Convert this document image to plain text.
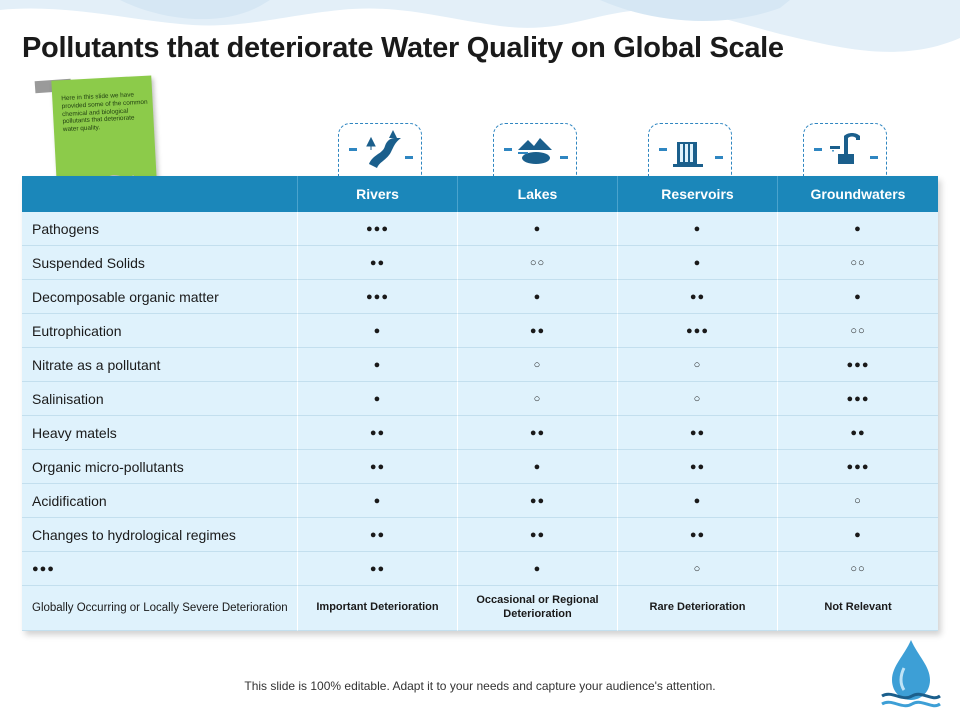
Pollutants that deteriorate Water Quality on Global Scale
Here in this slide we have provided some of the common chemical and biological pollutants that deteriorate water quality.
	Rivers	Lakes	Reservoirs	Groundwaters
Pathogens	●●●	●	●	●
Suspended Solids	●●	○○	●	○○
Decomposable organic matter	●●●	●	●●	●
Eutrophication	●	●●	●●●	○○
Nitrate as a pollutant	●	○	○	●●●
Salinisation	●	○	○	●●●
Heavy matels	●●	●●	●●	●●
Organic micro-pollutants	●●	●	●●	●●●
Acidification	●	●●	●	○
Changes to hydrological regimes	●●	●●	●●	●
●●●	●●	●	○	○○
Globally Occurring or Locally Severe Deterioration	Important Deterioration	Occasional or Regional Deterioration	Rare Deterioration	Not Relevant
This slide is 100% editable. Adapt it to your needs and capture your audience's attention.
